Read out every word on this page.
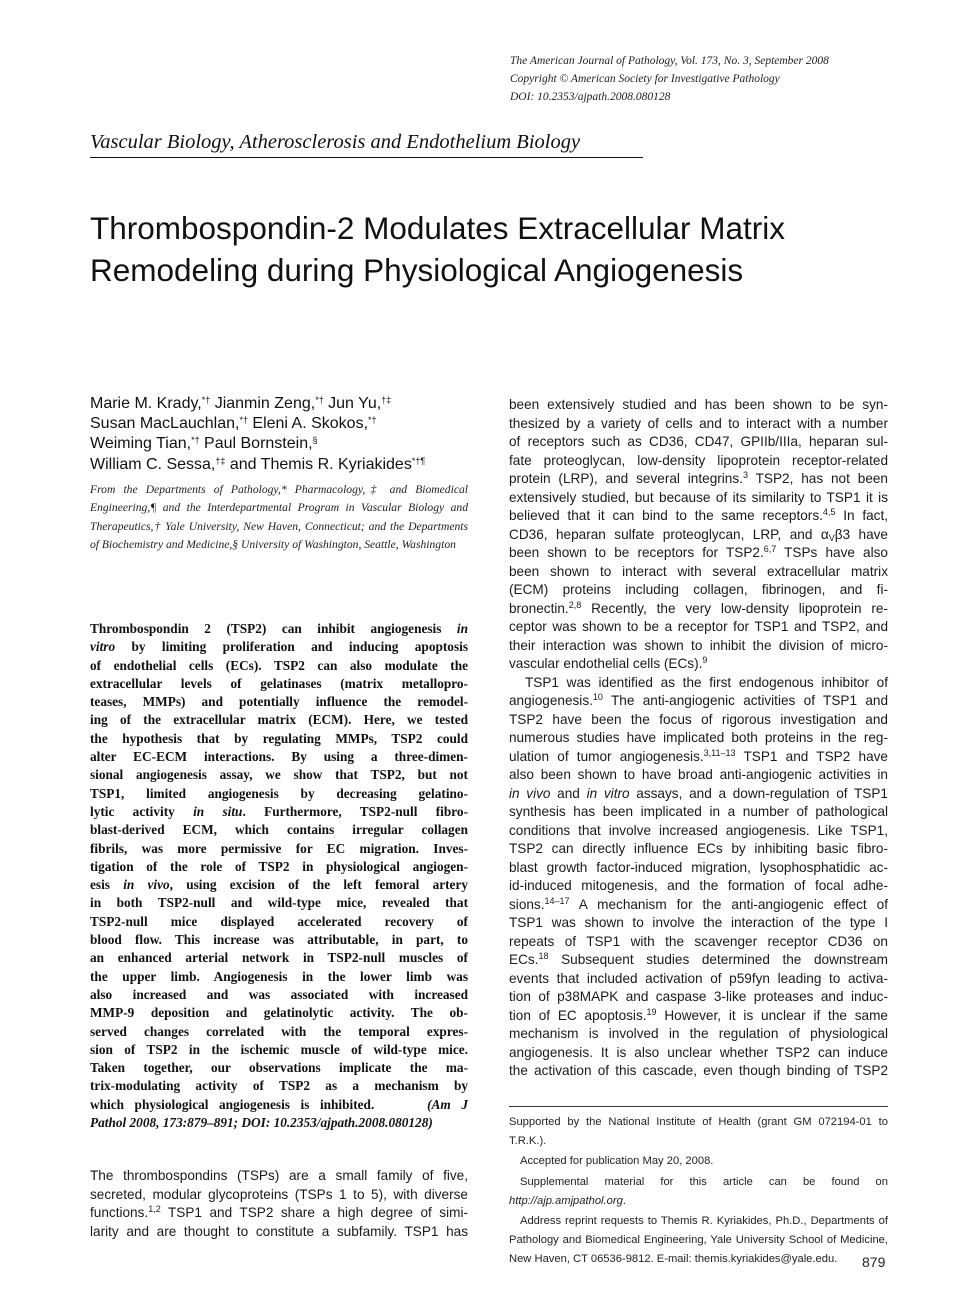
The American Journal of Pathology, Vol. 173, No. 3, September 2008
Copyright © American Society for Investigative Pathology
DOI: 10.2353/ajpath.2008.080128
Vascular Biology, Atherosclerosis and Endothelium Biology
Thrombospondin-2 Modulates Extracellular Matrix
Remodeling during Physiological Angiogenesis
Marie M. Krady,*† Jianmin Zeng,*† Jun Yu,†‡
Susan MacLauchlan,*† Eleni A. Skokos,*†
Weiming Tian,*† Paul Bornstein,§
William C. Sessa,†‡ and Themis R. Kyriakides*†¶
From the Departments of Pathology,* Pharmacology,‡ and Biomedical Engineering,¶ and the Interdepartmental Program in Vascular Biology and Therapeutics,† Yale University, New Haven, Connecticut; and the Departments of Biochemistry and Medicine,§ University of Washington, Seattle, Washington
Thrombospondin 2 (TSP2) can inhibit angiogenesis in
vitro by limiting proliferation and inducing apoptosis
of endothelial cells (ECs). TSP2 can also modulate the
extracellular levels of gelatinases (matrix metallopro-
teases, MMPs) and potentially influence the remodel-
ing of the extracellular matrix (ECM). Here, we tested
the hypothesis that by regulating MMPs, TSP2 could
alter EC-ECM interactions. By using a three-dimen-
sional angiogenesis assay, we show that TSP2, but not
TSP1, limited angiogenesis by decreasing gelatino-
lytic activity in situ. Furthermore, TSP2-null fibro-
blast-derived ECM, which contains irregular collagen
fibrils, was more permissive for EC migration. Inves-
tigation of the role of TSP2 in physiological angiogen-
esis in vivo, using excision of the left femoral artery
in both TSP2-null and wild-type mice, revealed that
TSP2-null mice displayed accelerated recovery of
blood flow. This increase was attributable, in part, to
an enhanced arterial network in TSP2-null muscles of
the upper limb. Angiogenesis in the lower limb was
also increased and was associated with increased
MMP-9 deposition and gelatinolytic activity. The ob-
served changes correlated with the temporal expres-
sion of TSP2 in the ischemic muscle of wild-type mice.
Taken together, our observations implicate the ma-
trix-modulating activity of TSP2 as a mechanism by
which physiological angiogenesis is inhibited.	(Am J
Pathol 2008, 173:879–891; DOI: 10.2353/ajpath.2008.080128)
The thrombospondins (TSPs) are a small family of five,
secreted, modular glycoproteins (TSPs 1 to 5), with diverse
functions.$^{1,2}$ TSP1 and TSP2 share a high degree of simi-
larity and are thought to constitute a subfamily. TSP1 has
been extensively studied and has been shown to be syn-
thesized by a variety of cells and to interact with a number
of receptors such as CD36, CD47, GPIIb/IIIa, heparan sul-
fate proteoglycan, low-density lipoprotein receptor-related
protein (LRP), and several integrins.$^3$ TSP2, has not been
extensively studied, but because of its similarity to TSP1 it is
believed that it can bind to the same receptors.$^{4,5}$ In fact,
CD36, heparan sulfate proteoglycan, LRP, and $\alpha_V\beta 3$ have
been shown to be receptors for TSP2.$^{6,7}$ TSPs have also
been shown to interact with several extracellular matrix
(ECM) proteins including collagen, fibrinogen, and fi-
bronectin.$^{2,8}$ Recently, the very low-density lipoprotein re-
ceptor was shown to be a receptor for TSP1 and TSP2, and
their interaction was shown to inhibit the division of micro-
vascular endothelial cells (ECs).$^9$
TSP1 was identified as the first endogenous inhibitor of
angiogenesis.$^{10}$ The anti-angiogenic activities of TSP1 and
TSP2 have been the focus of rigorous investigation and
numerous studies have implicated both proteins in the reg-
ulation of tumor angiogenesis.$^{3,11-13}$ TSP1 and TSP2 have
also been shown to have broad anti-angiogenic activities in
in vivo and in vitro assays, and a down-regulation of TSP1
synthesis has been implicated in a number of pathological
conditions that involve increased angiogenesis. Like TSP1,
TSP2 can directly influence ECs by inhibiting basic fibro-
blast growth factor-induced migration, lysophosphatidic ac-
id-induced mitogenesis, and the formation of focal adhe-
sions.$^{14-17}$ A mechanism for the anti-angiogenic effect of
TSP1 was shown to involve the interaction of the type I
repeats of TSP1 with the scavenger receptor CD36 on
ECs.$^{18}$ Subsequent studies determined the downstream
events that included activation of p59fyn leading to activa-
tion of p38MAPK and caspase 3-like proteases and induc-
tion of EC apoptosis.$^{19}$ However, it is unclear if the same
mechanism is involved in the regulation of physiological
angiogenesis. It is also unclear whether TSP2 can induce
the activation of this cascade, even though binding of TSP2
Supported by the National Institute of Health (grant GM 072194-01 to T.R.K.).
Accepted for publication May 20, 2008.
Supplemental material for this article can be found on http://ajp.amjpathol.org.
Address reprint requests to Themis R. Kyriakides, Ph.D., Departments of Pathology and Biomedical Engineering, Yale University School of Medicine, New Haven, CT 06536-9812. E-mail: themis.kyriakides@yale.edu.	879
